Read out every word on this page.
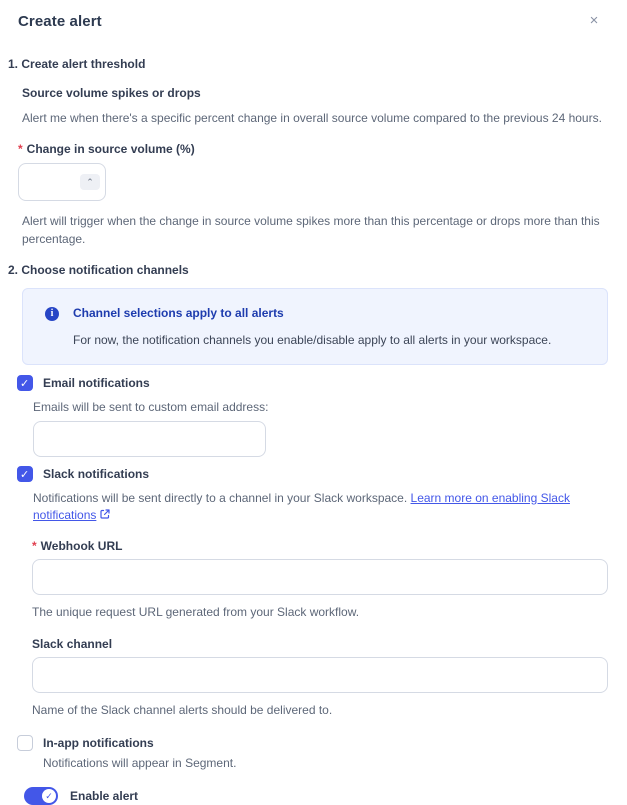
Create alert	×
1. Create alert threshold
Source volume spikes or drops
Alert me when there's a specific percent change in overall source volume compared to the previous 24 hours.
* Change in source volume (%)
⌃
Alert will trigger when the change in source volume spikes more than this percentage or drops more than this percentage.
2. Choose notification channels
i	Channel selections apply to all alerts
For now, the notification channels you enable/disable apply to all alerts in your workspace.
✓ Email notifications
Emails will be sent to custom email address:
✓ Slack notifications
Notifications will be sent directly to a channel in your Slack workspace. Learn more on enabling Slack notifications
* Webhook URL
The unique request URL generated from your Slack workflow.
Slack channel
Name of the Slack channel alerts should be delivered to.
In-app notifications
Notifications will appear in Segment.
✓ Enable alert
